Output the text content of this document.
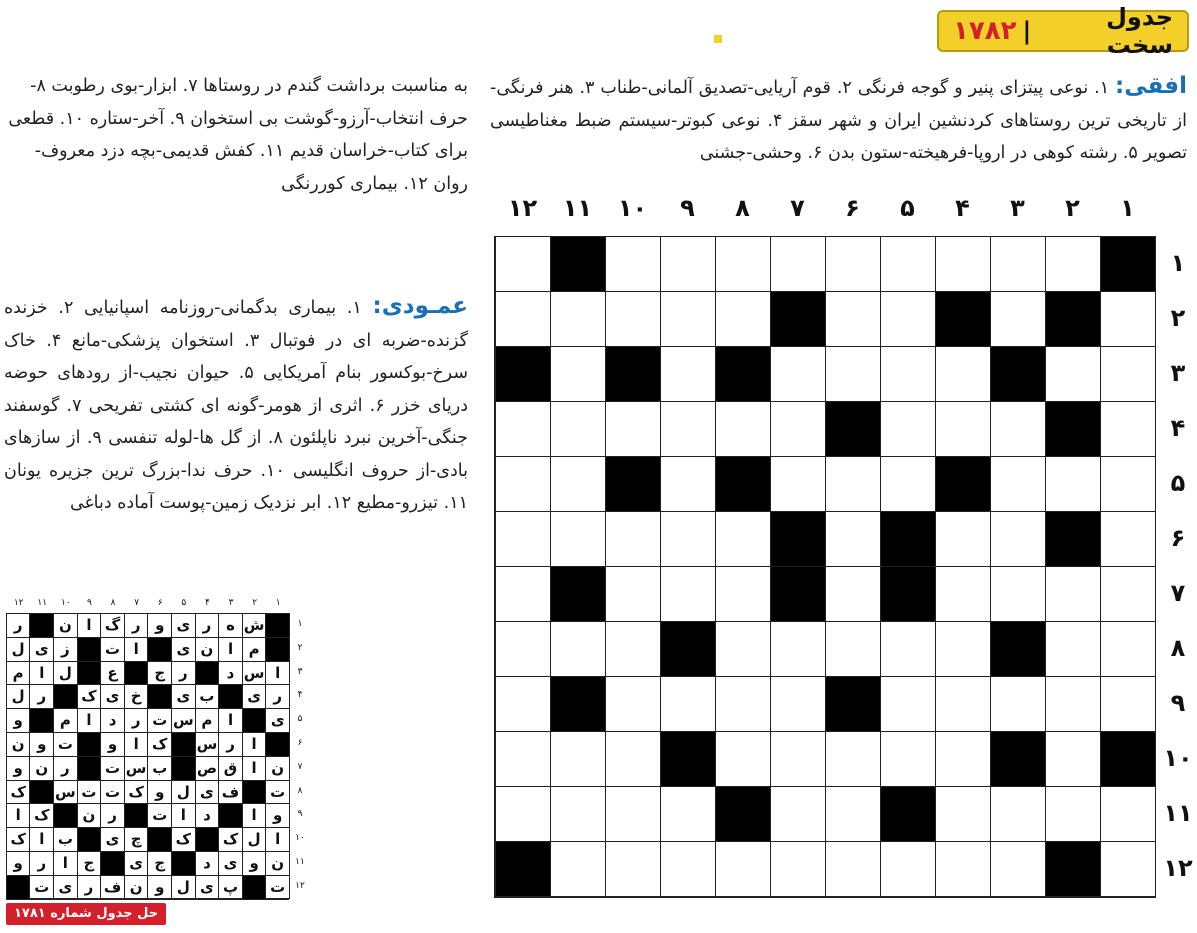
جدول سخت
|
۱۷۸۲
افقی: ۱. نوعی پیتزای پنیر و گوجه فرنگی ۲. قوم آریایی-تصدیق آلمانی-طناب ۳. هنر فرنگی-از تاریخی ترین روستاهای کردنشین ایران و شهر سقز ۴. نوعی کبوتر-سیستم ضبط مغناطیسی تصویر ۵. رشته کوهی در اروپا-فرهیخته-ستون بدن ۶. وحشی-جشنی
به مناسبت برداشت گندم در روستاها ۷. ابزار-بوی رطوبت ۸-حرف انتخاب-آرزو-گوشت بی استخوان ۹. آخر-ستاره ۱۰. قطعی برای کتاب-خراسان قدیم ۱۱. کفش قدیمی-بچه دزد معروف-روان ۱۲. بیماری کوررنگی
عمـودی: ۱. بیماری بدگمانی-روزنامه اسپانیایی ۲. خزنده گزنده-ضربه ای در فوتبال ۳. استخوان پزشکی-مانع ۴. خاک سرخ-بوکسور بنام آمریکایی ۵. حیوان نجیب-از رودهای حوضه دریای خزر ۶. اثری از هومر-گونه ای کشتی تفریحی ۷. گوسفند جنگی-آخرین نبرد ناپلئون ۸. از گل ها-لوله تنفسی ۹. از سازهای بادی-از حروف انگلیسی ۱۰. حرف ندا-بزرگ ترین جزیره یونان ۱۱. تیزرو-مطیع ۱۲. ابر نزدیک زمین-پوست آماده دباغی
۱
۲
۳
۴
۵
۶
۷
۸
۹
۱۰
۱۱
۱۲
۱
۲
۳
۴
۵
۶
۷
۸
۹
۱۰
۱۱
۱۲
۱
۲
۳
۴
۵
۶
۷
۸
۹
۱۰
۱۱
۱۲
ش
ه
ر
ی
و
ر
گ
ا
ن
ر
م
ا
ن
ی
ا
ت
ز
ی
ل
ا
س
د
ر
ج
ع
ل
ا
م
ر
ی
ب
ی
خ
ی
ک
ر
ل
ی
ا
م
س
ت
ر
د
ا
م
و
ا
ر
س
ک
ا
و
ت
و
ن
ن
ا
ق
ص
ب
س
ت
ر
ن
و
ت
ف
ی
ل
و
ک
ت
ت
س
ک
و
ا
د
ا
ت
ر
ن
ک
ا
ا
ل
ک
ک
چ
ی
ب
ا
ک
ن
و
ی
د
ج
ی
ج
ا
ر
و
ت
پ
ی
ل
و
ن
ف
ر
ی
ت
۱
۲
۳
۴
۵
۶
۷
۸
۹
۱۰
۱۱
۱۲
حل جدول شماره ۱۷۸۱
